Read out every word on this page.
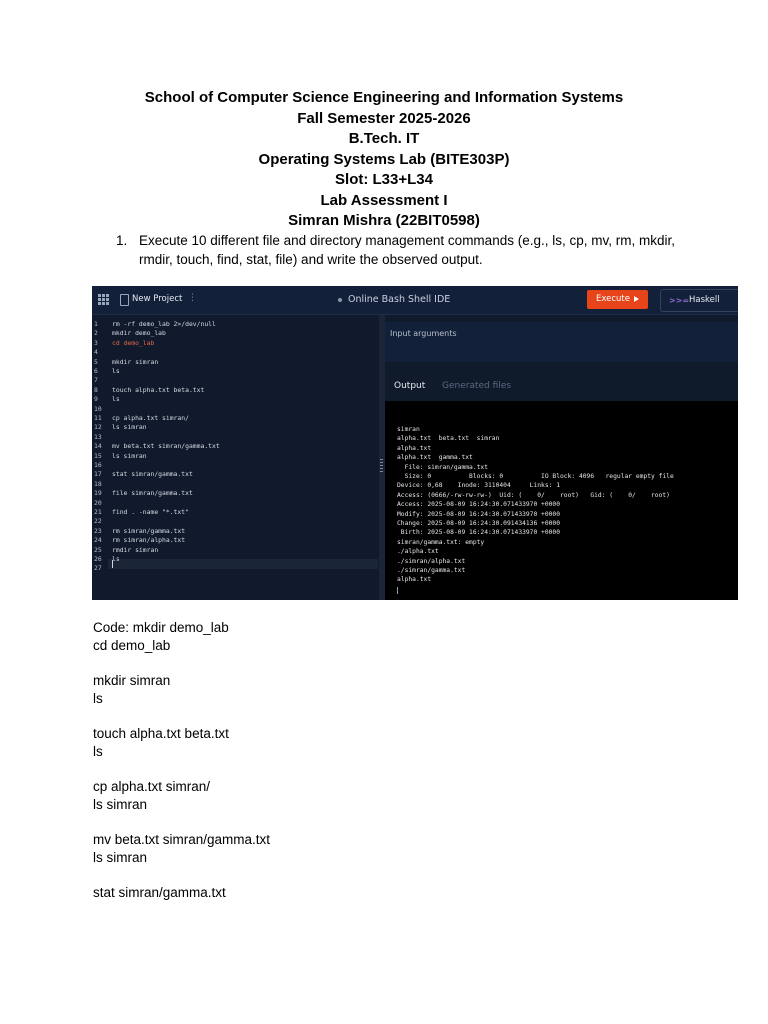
School of Computer Science Engineering and Information Systems
Fall Semester 2025-2026
B.Tech. IT
Operating Systems Lab (BITE303P)
Slot: L33+L34
Lab Assessment I
Simran Mishra (22BIT0598)
1. Execute 10 different file and directory management commands (e.g., ls, cp, mv, rm, mkdir, rmdir, touch, find, stat, file) and write the observed output.
New Project ⋮	Online Bash Shell IDE	Execute	>>= Haskell
1	rm -rf demo_lab 2>/dev/null
2	mkdir demo_lab
3	cd demo_lab
4
5	mkdir simran
6	ls
7
8	touch alpha.txt beta.txt
9	ls
10
11	cp alpha.txt simran/
12	ls simran
13
14	mv beta.txt simran/gamma.txt
15	ls simran
16
17	stat simran/gamma.txt
18
19	file simran/gamma.txt
20
21	find . -name "*.txt"
22
23	rm simran/gamma.txt
24	rm simran/alpha.txt
25	rmdir simran
26	ls
27
Input arguments
Output Generated files
simran
alpha.txt  beta.txt  simran
alpha.txt
alpha.txt  gamma.txt
File: simran/gamma.txt
Size: 0          Blocks: 0          IO Block: 4096   regular empty file
Device: 0,68    Inode: 3110404     Links: 1
Access: (0666/-rw-rw-rw-)  Uid: (    0/    root)   Gid: (    0/    root)
Access: 2025-08-09 16:24:30.071433970 +0000
Modify: 2025-08-09 16:24:30.071433970 +0000
Change: 2025-08-09 16:24:30.091434136 +0000
Birth: 2025-08-09 16:24:30.071433970 +0000
simran/gamma.txt: empty
./alpha.txt
./simran/alpha.txt
./simran/gamma.txt
alpha.txt
Code: mkdir demo_lab
cd demo_lab
mkdir simran
ls
touch alpha.txt beta.txt
ls
cp alpha.txt simran/
ls simran
mv beta.txt simran/gamma.txt
ls simran
stat simran/gamma.txt
